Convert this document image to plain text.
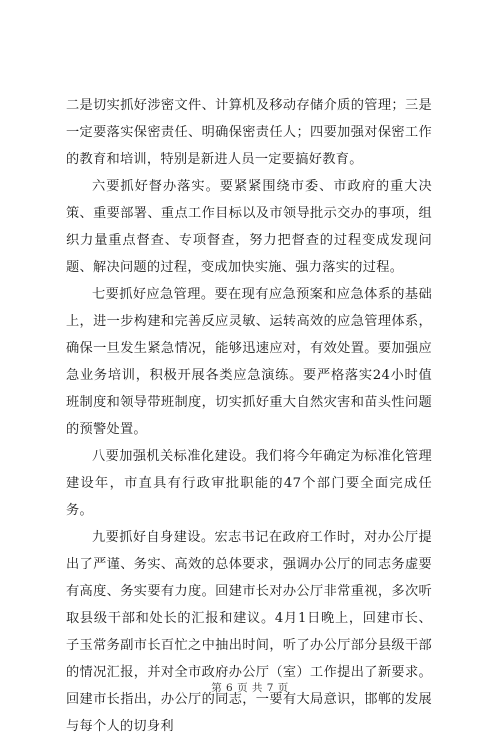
二是切实抓好涉密文件、计算机及移动存储介质的管理；三是一定要落实保密责任、明确保密责任人；四要加强对保密工作的教育和培训，特别是新进人员一定要搞好教育。

六要抓好督办落实。要紧紧围绕市委、市政府的重大决策、重要部署、重点工作目标以及市领导批示交办的事项，组织力量重点督查、专项督查，努力把督查的过程变成发现问题、解决问题的过程，变成加快实施、强力落实的过程。

七要抓好应急管理。要在现有应急预案和应急体系的基础上，进一步构建和完善反应灵敏、运转高效的应急管理体系，确保一旦发生紧急情况，能够迅速应对，有效处置。要加强应急业务培训，积极开展各类应急演练。要严格落实24小时值班制度和领导带班制度，切实抓好重大自然灾害和苗头性问题的预警处置。

八要加强机关标准化建设。我们将今年确定为标准化管理建设年，市直具有行政审批职能的47个部门要全面完成任务。

九要抓好自身建设。宏志书记在政府工作时，对办公厅提出了严谨、务实、高效的总体要求，强调办公厅的同志务虚要有高度、务实要有力度。回建市长对办公厅非常重视，多次听取县级干部和处长的汇报和建议。4月1日晚上，回建市长、子玉常务副市长百忙之中抽出时间，听了办公厅部分县级干部的情况汇报，并对全市政府办公厅（室）工作提出了新要求。回建市长指出，办公厅的同志，一要有大局意识，邯郸的发展与每个人的切身利

第 6 页 共 7 页
